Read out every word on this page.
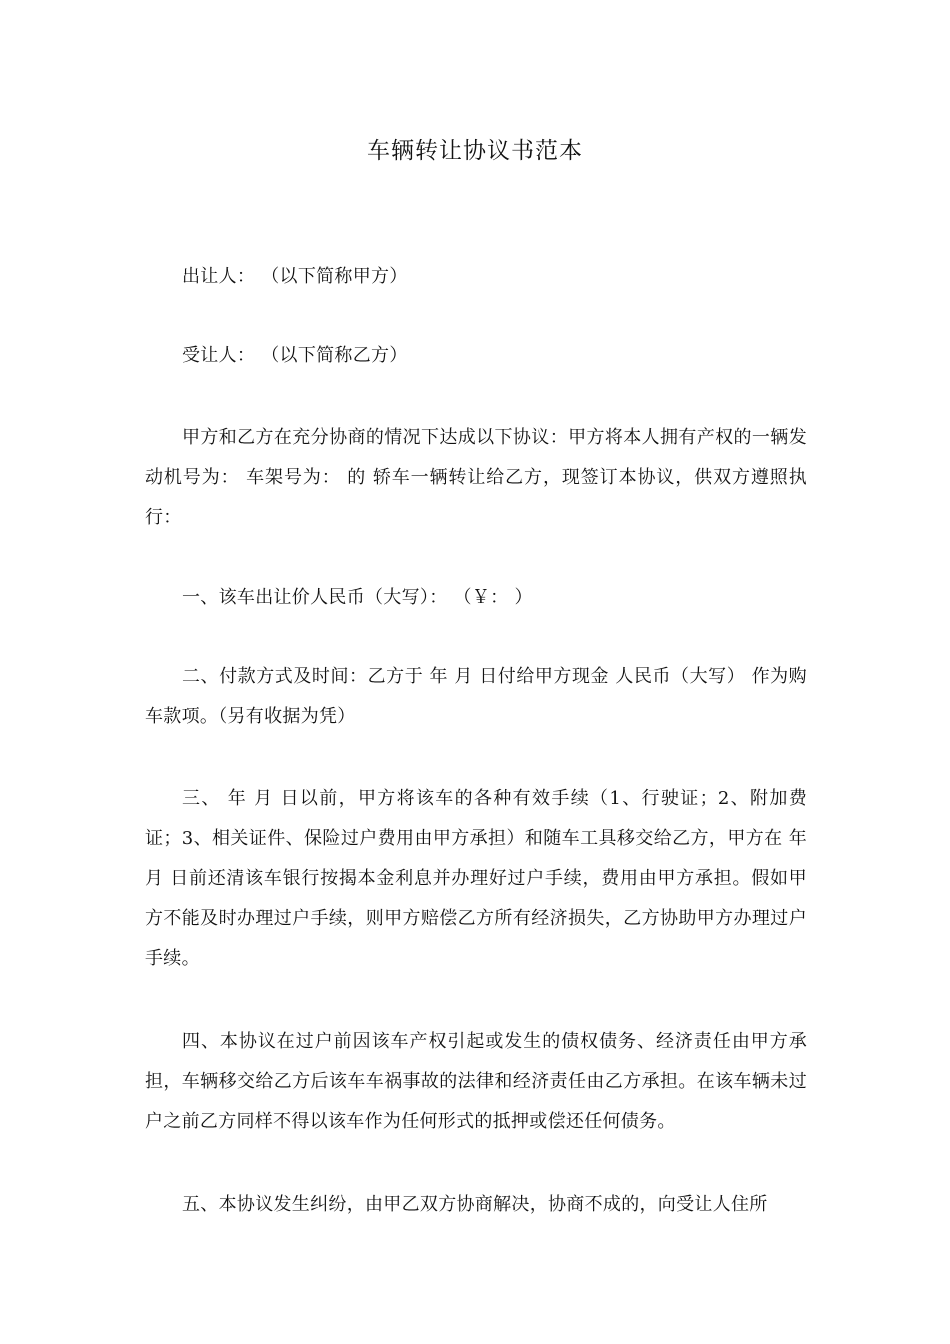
车辆转让协议书范本

出让人： （以下简称甲方）

受让人： （以下简称乙方）

甲方和乙方在充分协商的情况下达成以下协议：甲方将本人拥有产权的一辆发动机号为： 车架号为： 的 轿车一辆转让给乙方，现签订本协议，供双方遵照执行：

一、该车出让价人民币（大写）： （￥： ）

二、付款方式及时间：乙方于 年 月 日付给甲方现金 人民币（大写） 作为购车款项。（另有收据为凭）

三、 年 月 日以前，甲方将该车的各种有效手续（1、行驶证；2、附加费证；3、相关证件、保险过户费用由甲方承担）和随车工具移交给乙方，甲方在 年 月 日前还清该车银行按揭本金利息并办理好过户手续，费用由甲方承担。假如甲方不能及时办理过户手续，则甲方赔偿乙方所有经济损失，乙方协助甲方办理过户手续。

四、本协议在过户前因该车产权引起或发生的债权债务、经济责任由甲方承担，车辆移交给乙方后该车车祸事故的法律和经济责任由乙方承担。在该车辆未过户之前乙方同样不得以该车作为任何形式的抵押或偿还任何债务。

五、本协议发生纠纷，由甲乙双方协商解决，协商不成的，向受让人住所
